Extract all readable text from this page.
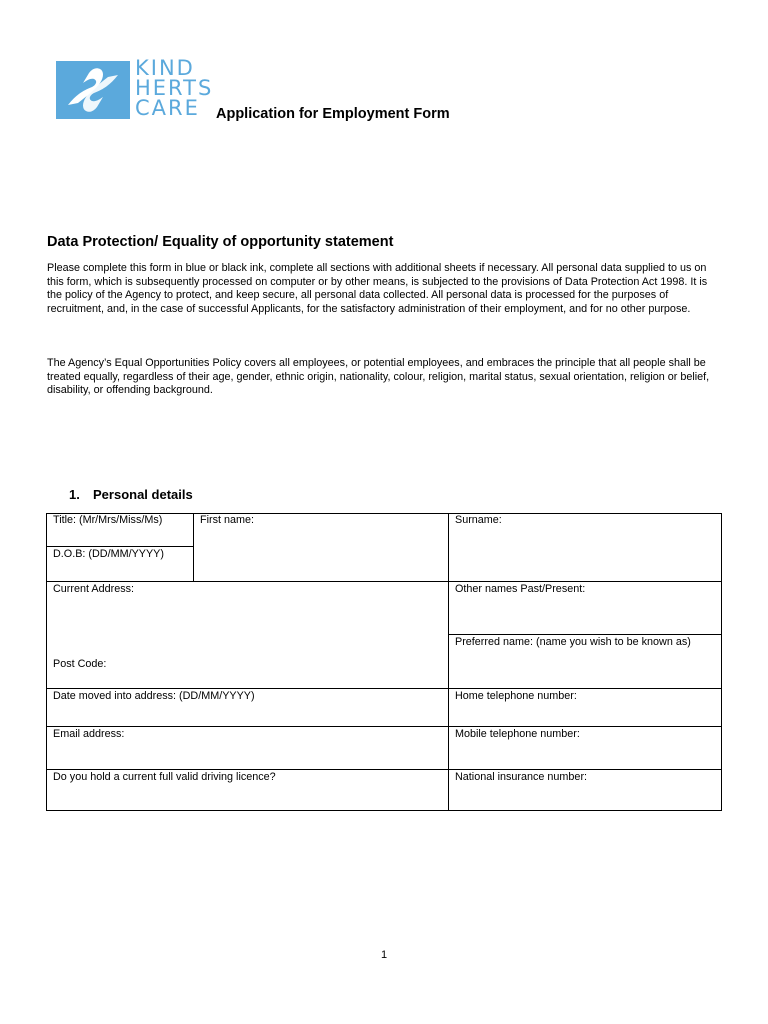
KIND
HERTS
CARE	Application for Employment Form
Data Protection/ Equality of opportunity statement

Please complete this form in blue or black ink, complete all sections with additional sheets if necessary. All personal data supplied to us on this form, which is subsequently processed on computer or by other means, is subjected to the provisions of Data Protection Act 1998. It is the policy of the Agency to protect, and keep secure, all personal data collected. All personal data is processed for the purposes of recruitment, and, in the case of successful Applicants, for the satisfactory administration of their employment, and for no other purpose.

The Agency’s Equal Opportunities Policy covers all employees, or potential employees, and embraces the principle that all people shall be treated equally, regardless of their age, gender, ethnic origin, nationality, colour, religion, marital status, sexual orientation, religion or belief, disability, or offending background.

1. Personal details
Title: (Mr/Mrs/Miss/Ms)
D.O.B: (DD/MM/YYYY)
First name:	Surname:
Current Address:
Post Code:
Other names Past/Present:
Preferred name: (name you wish to be known as)
Date moved into address: (DD/MM/YYYY)	Home telephone number:
Email address:	Mobile telephone number:
Do you hold a current full valid driving licence?	National insurance number:
1
